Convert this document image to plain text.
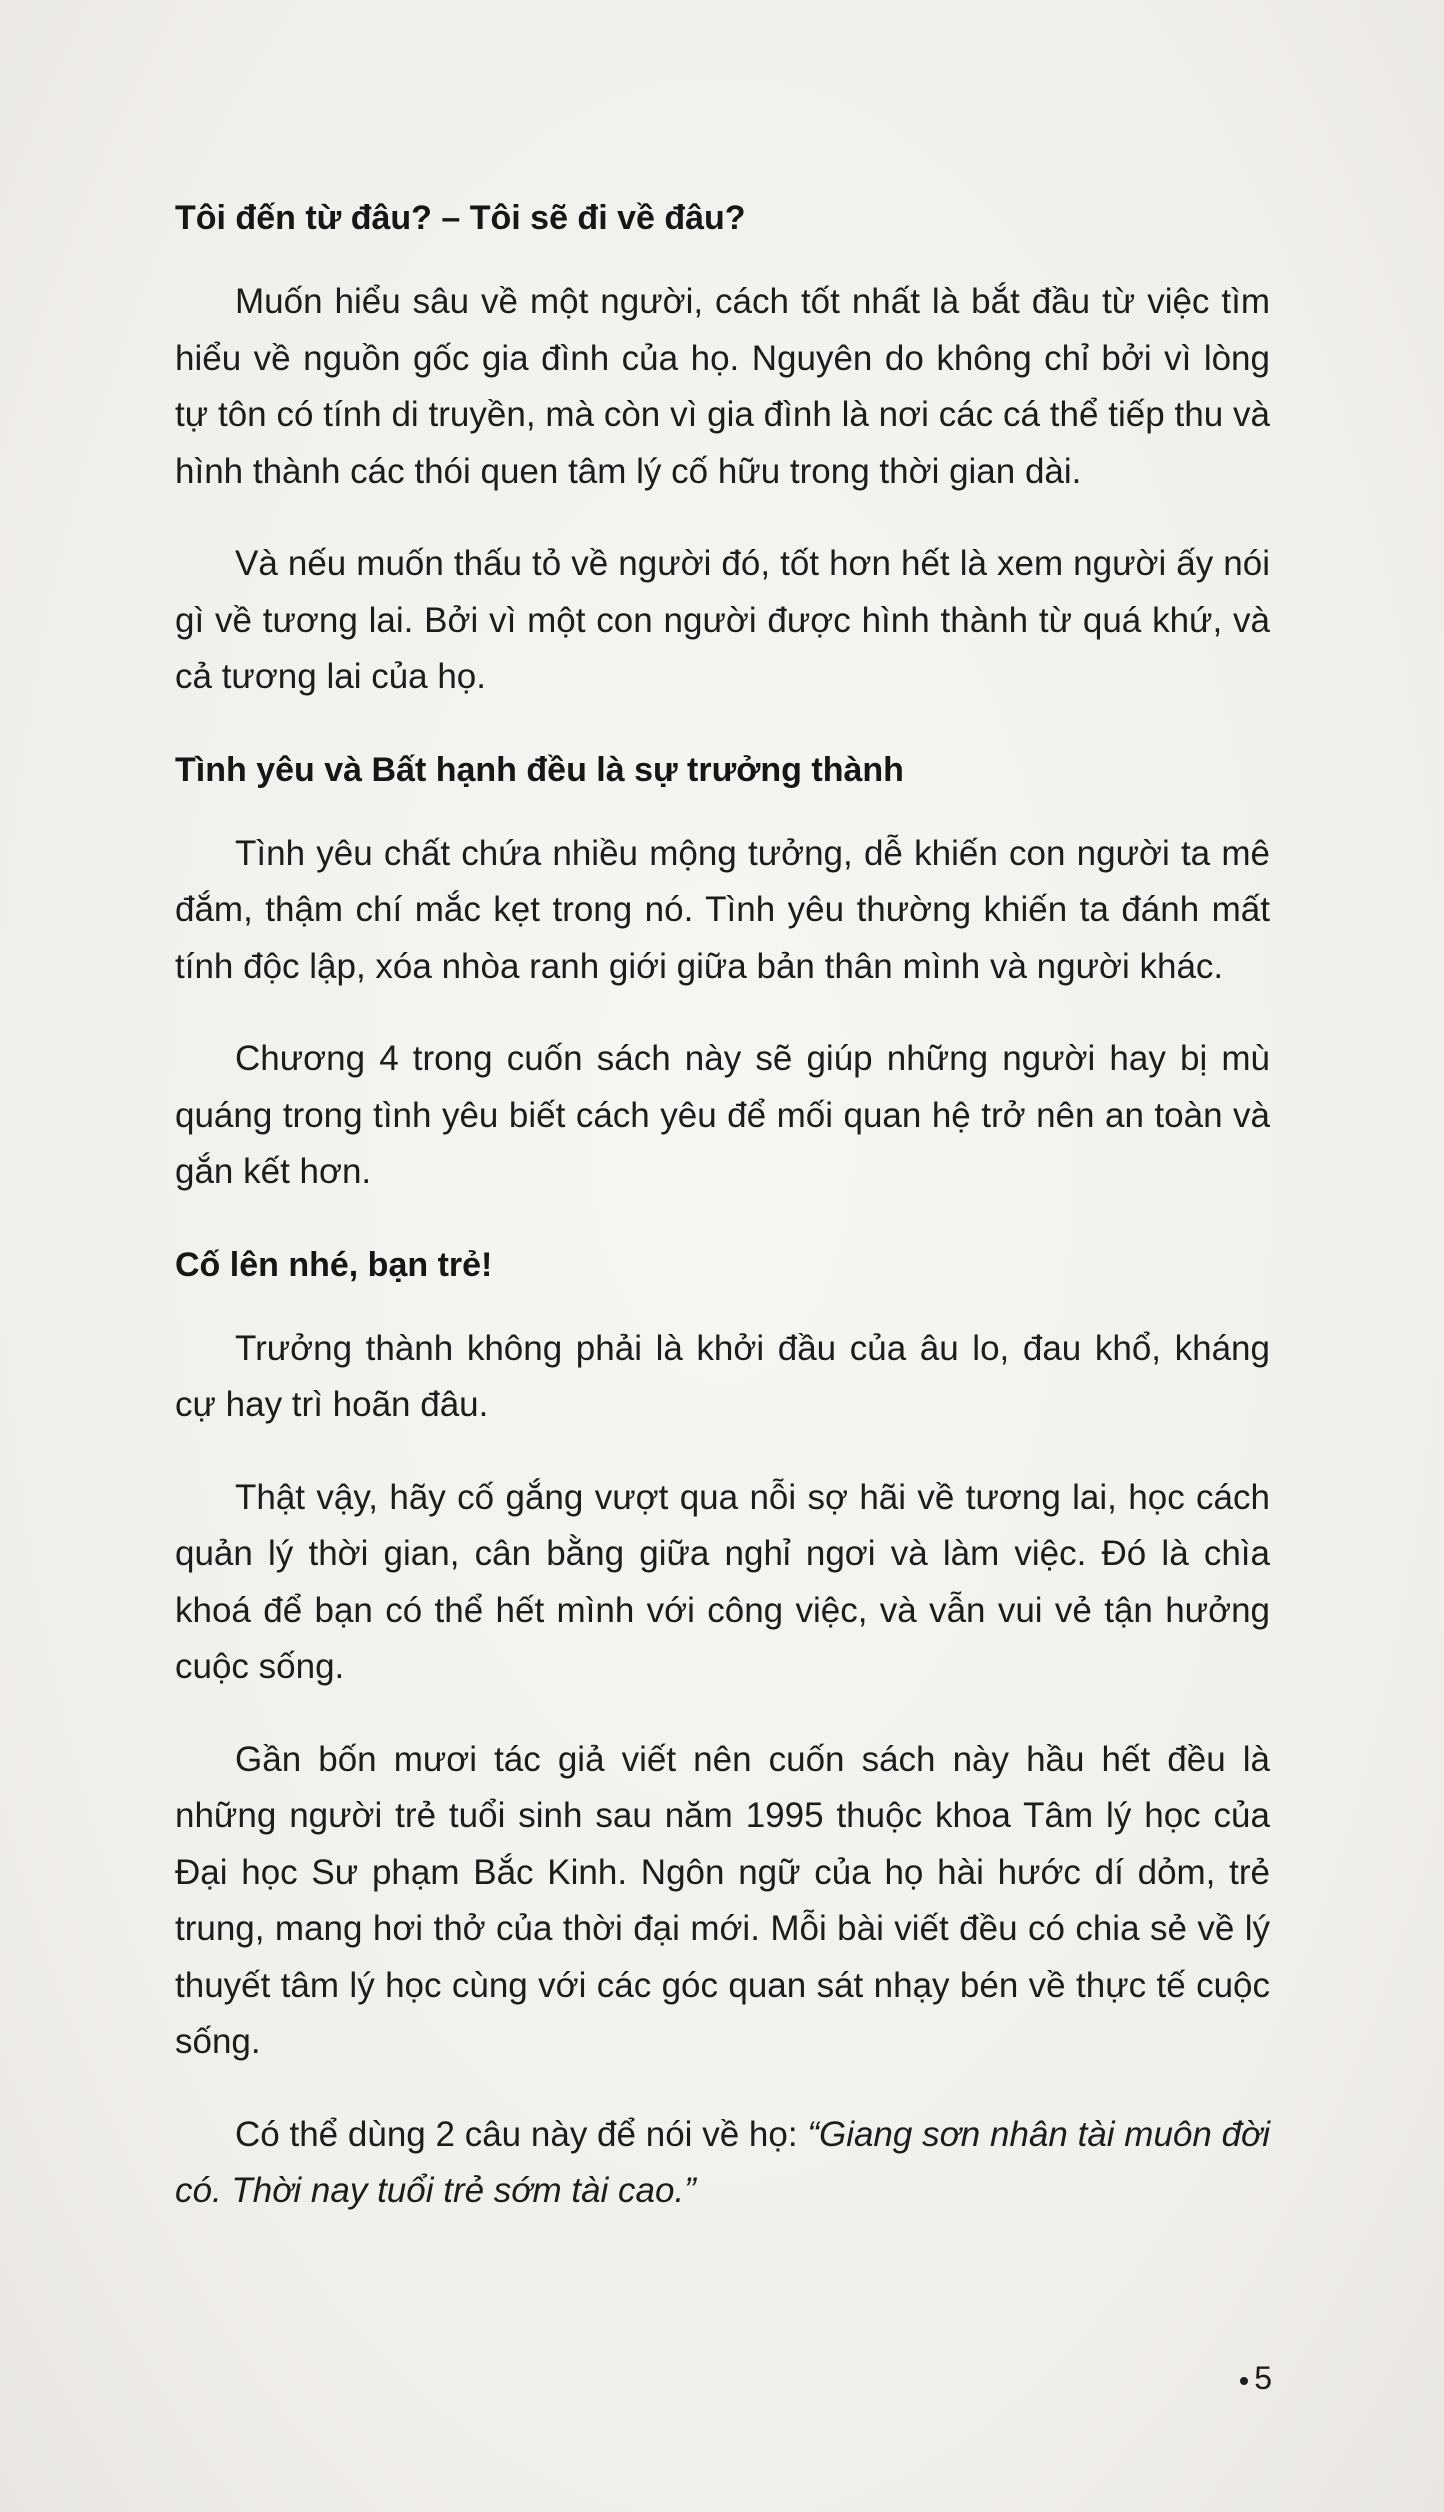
Tôi đến từ đâu? – Tôi sẽ đi về đâu?

Muốn hiểu sâu về một người, cách tốt nhất là bắt đầu từ việc tìm hiểu về nguồn gốc gia đình của họ. Nguyên do không chỉ bởi vì lòng tự tôn có tính di truyền, mà còn vì gia đình là nơi các cá thể tiếp thu và hình thành các thói quen tâm lý cố hữu trong thời gian dài.

Và nếu muốn thấu tỏ về người đó, tốt hơn hết là xem người ấy nói gì về tương lai. Bởi vì một con người được hình thành từ quá khứ, và cả tương lai của họ.

Tình yêu và Bất hạnh đều là sự trưởng thành

Tình yêu chất chứa nhiều mộng tưởng, dễ khiến con người ta mê đắm, thậm chí mắc kẹt trong nó. Tình yêu thường khiến ta đánh mất tính độc lập, xóa nhòa ranh giới giữa bản thân mình và người khác.

Chương 4 trong cuốn sách này sẽ giúp những người hay bị mù quáng trong tình yêu biết cách yêu để mối quan hệ trở nên an toàn và gắn kết hơn.

Cố lên nhé, bạn trẻ!

Trưởng thành không phải là khởi đầu của âu lo, đau khổ, kháng cự hay trì hoãn đâu.

Thật vậy, hãy cố gắng vượt qua nỗi sợ hãi về tương lai, học cách quản lý thời gian, cân bằng giữa nghỉ ngơi và làm việc. Đó là chìa khoá để bạn có thể hết mình với công việc, và vẫn vui vẻ tận hưởng cuộc sống.

Gần bốn mươi tác giả viết nên cuốn sách này hầu hết đều là những người trẻ tuổi sinh sau năm 1995 thuộc khoa Tâm lý học của Đại học Sư phạm Bắc Kinh. Ngôn ngữ của họ hài hước dí dỏm, trẻ trung, mang hơi thở của thời đại mới. Mỗi bài viết đều có chia sẻ về lý thuyết tâm lý học cùng với các góc quan sát nhạy bén về thực tế cuộc sống.

Có thể dùng 2 câu này để nói về họ: “Giang sơn nhân tài muôn đời có. Thời nay tuổi trẻ sớm tài cao.”

5
